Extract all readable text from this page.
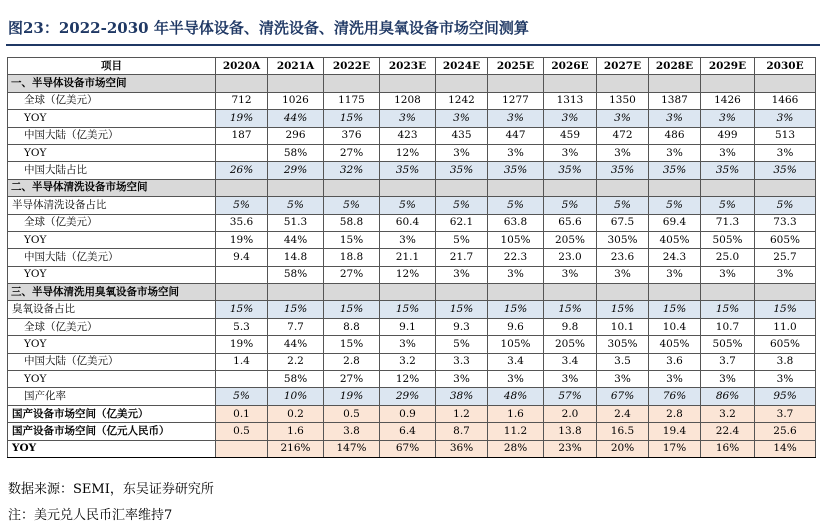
图23：2022-2030 年半导体设备、清洗设备、清洗用臭氧设备市场空间测算
项目	2020A	2021A	2022E	2023E	2024E	2025E	2026E	2027E	2028E	2029E	2030E
一、半导体设备市场空间											
全球（亿美元）	712	1026	1175	1208	1242	1277	1313	1350	1387	1426	1466
YOY	19%	44%	15%	3%	3%	3%	3%	3%	3%	3%	3%
中国大陆（亿美元）	187	296	376	423	435	447	459	472	486	499	513
YOY		58%	27%	12%	3%	3%	3%	3%	3%	3%	3%
中国大陆占比	26%	29%	32%	35%	35%	35%	35%	35%	35%	35%	35%
二、半导体清洗设备市场空间											
半导体清洗设备占比	5%	5%	5%	5%	5%	5%	5%	5%	5%	5%	5%
全球（亿美元）	35.6	51.3	58.8	60.4	62.1	63.8	65.6	67.5	69.4	71.3	73.3
YOY	19%	44%	15%	3%	5%	105%	205%	305%	405%	505%	605%
中国大陆（亿美元）	9.4	14.8	18.8	21.1	21.7	22.3	23.0	23.6	24.3	25.0	25.7
YOY		58%	27%	12%	3%	3%	3%	3%	3%	3%	3%
三、半导体清洗用臭氧设备市场空间											
臭氧设备占比	15%	15%	15%	15%	15%	15%	15%	15%	15%	15%	15%
全球（亿美元）	5.3	7.7	8.8	9.1	9.3	9.6	9.8	10.1	10.4	10.7	11.0
YOY	19%	44%	15%	3%	5%	105%	205%	305%	405%	505%	605%
中国大陆（亿美元）	1.4	2.2	2.8	3.2	3.3	3.4	3.4	3.5	3.6	3.7	3.8
YOY		58%	27%	12%	3%	3%	3%	3%	3%	3%	3%
国产化率	5%	10%	19%	29%	38%	48%	57%	67%	76%	86%	95%
国产设备市场空间（亿美元）	0.1	0.2	0.5	0.9	1.2	1.6	2.0	2.4	2.8	3.2	3.7
国产设备市场空间（亿元人民币）	0.5	1.6	3.8	6.4	8.7	11.2	13.8	16.5	19.4	22.4	25.6
YOY		216%	147%	67%	36%	28%	23%	20%	17%	16%	14%
数据来源：SEMI，东吴证券研究所
注：美元兑人民币汇率维持7
